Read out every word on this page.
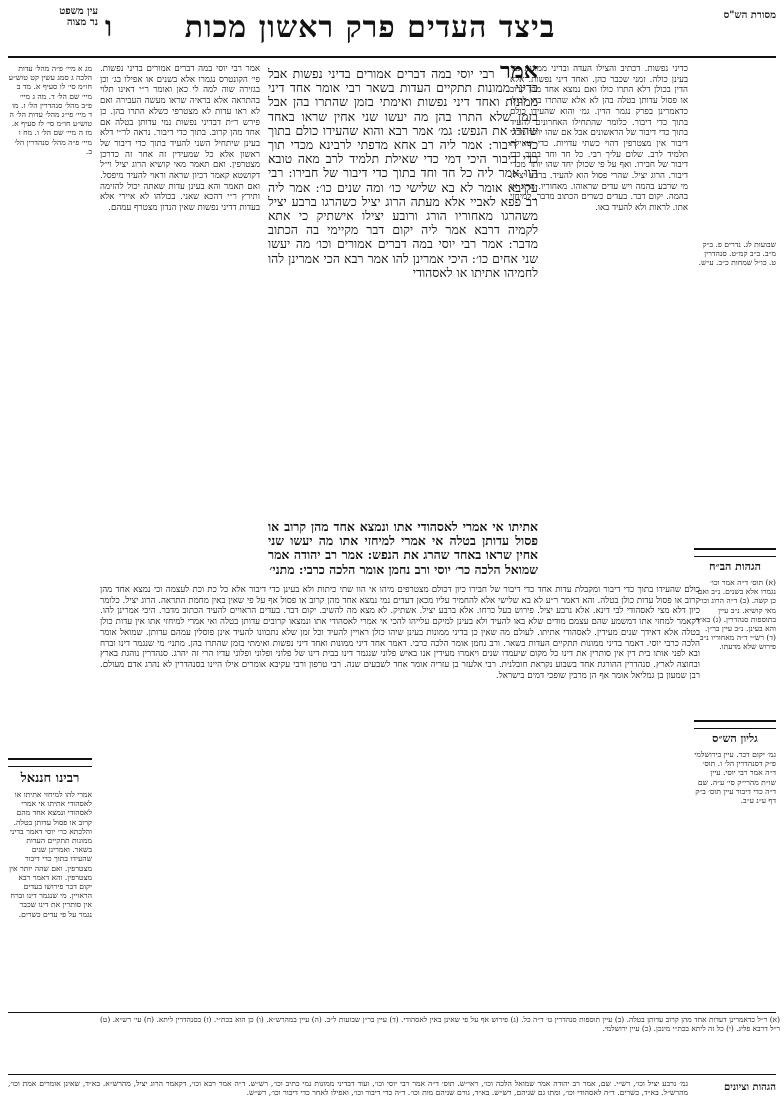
מסורת הש"ס
עין משפט
נר מצוה	ביצד העדים פרק ראשון מכות
ו
שבועות לג. נדרים פ. ב״ק מ״ב. ב״ב קמ״ט. סנהדרין ט. כו״ל שמחות כ״ב. ע״ש.
כדיני נפשות. דכתיב והצילו העדה ובדיני ממונות נמי בעינן כולה. זמני שכבר כהן. ואחד דיני נפשות. אלא הדין בכולן דלא התרו כולו ואם נמצא אחד מהן קרוב או פסול עדותן בטלה בהן לא אלא שהתרו בהן לכולן כדאמרינן בפרק נגמר הדין. גמ׳ והוא שהעידו כולם בתוך כדי דיבור. כלומר שהתחילו האחרונים להעיד בתוך כדי דיבור של הראשונים אבל אם שהו יותר מכדי דיבור אין מצטרפין דהוי כשתי עדויות. כדי שאילת תלמיד לרב. שלום עליך רבי. כל חד וחד בתוך כדי דיבור של חבירו. ואף על פי שכולן יחד שהו יותר מכדי דיבור. הרוג יציל. שהרי פסול הוא להעיד. ברבע יציל. מי שרבע בהמה ויש עדים שראוהו. מאחוריו. הרוג או בהמה. יקום דבר. בעדים כשרים הכתוב מדבר. למיחזי אתו. לראות ולא להעיד באו.
אמר רבי יוסי במה דברים אמורים בדיני נפשות אבל בדיני ממונות תתקיים העדות בשאר רבי אומר אחד דיני ממונות ואחד דיני נפשות ואימתי בזמן שהתרו בהן אבל בזמן שלא התרו בהן מה יעשו שני אחין שראו באחד שהרג את הנפש: גמ׳ אמר רבא והוא שהעידו כולם בתוך כדי דיבור: אמר ליה רב אחא מדפתי לרבינא מכדי תוך כדי דיבור היכי דמי כדי שאילת תלמיד לרב מאה טובא הוו אמר ליה כל חד וחד בתוך כדי דיבור של חבירו: רבי עקיבא אומר לא בא שלישי כו׳ ומה שנים כו׳: אמר ליה רב פפא לאביי אלא מעתה הרוג יציל כשהרגו ברבע יציל משהרגו מאחוריו הורג ורובע יצילו אישתיק כי אתא לקמיה דרבא אמר ליה יקום דבר מקיימי בה הכתוב מדבר: אמר רבי יוסי במה דברים אמורים וכו׳ מה יעשו שני אחים כו׳: היכי אמרינן להו אמר רבא הכי אמרינן להו לחמיהו אתיתו או לאסהודי
אמר רבי יוסי במה דברים אמורים בדיני נפשות. פי׳ הקונטרס נגמרו אלא בשנים או אפילו בג׳ וכן בגזירה שוה למה לי כאן ואומר ר״י דאינו תלוי בהתראה אלא בראיה שראו מעשה העבירה ואם לא ראו עדות לא מצטרפי כשלא התרו בהן. כן פירש ר״ת דבדיני נפשות נמי עדותן בטלה אם אחד מהן קרוב. בתוך כדי דיבור. נראה לר״י דלא בעינן שיתחיל השני להעיד בתוך כדי דיבור של ראשון אלא כל שמעידין זה אחר זה כדרכן מצטרפין. ואם תאמר מאי קושיא הרוג יציל וי״ל דקושטא קאמר דכיון שראה וראוי להעיד מיפסל. ואם תאמר והא בעינן עדות שאתה יכול להזימה ותירץ ר״י דהכא שאני. בכולהו לא איירי אלא בעדות דדיני נפשות שאין הנדון מצטרף עמהם.
מג א מיי׳ פ״ה מהל׳ עדות הלכה ג סמג עשין קט טוש״ע חו״מ סי׳ לו סעיף א. מד ב מיי׳ שם הל׳ ד. מה ג מיי׳ פ״ב מהל׳ סנהדרין הל׳ ז. מו ד מיי׳ פי״ג מהל׳ עדות הל׳ ה טוש״ע חו״מ סי׳ לז סעיף א. מז ה מיי׳ שם הל׳ ו. מח ו מיי׳ פ״ה מהל׳ סנהדרין הל׳ ב.
אתיתו אי אמרי לאסהודי אתו ונמצא אחד מהן קרוב או פסול עדותן בטלה אי אמרי למיחזי אתו מה יעשו שני אחין שראו באחד שהרג את הנפש: אמר רב יהודה אמר שמואל הלכה כר׳ יוסי ורב נחמן אומר הלכה כרבי: מתני׳
כולם שהעידו בתוך כדי דיבור ומקבלת עדות אחד כדי דיבור של חבירו כיון דכולם מצטרפים מיהו אי הוו שתי כיתות ולא בעינן כדי דיבור אלא כל כת וכת לעצמה וכי נמצא אחד מהן קרוב או פסול עדות כולן בטלה. והא דאמר ר״ע לא בא שלישי אלא להחמיר עליו מכאן דעדים נמי נמצא אחד מהן קרוב או פסול אף על פי שאין באין מחמת התראה. הרוג יציל. כלומר כיון דלא מצי לאסהודי לבי דינא. אלא נרבע יציל. פירוש בעל כרחו. אלא ברבע יציל. אשתיק. לא מצא מה להשיב. יקום דבר. בעדים הראויים להעיד הכתוב מדבר. היכי אמרינן להו. דקאמר למחזי אתו דמשמע שהם עצמם מודים שלא באו להעיד ולא בעינן למיקם עלייהו להכי אי אמרי לאסהודי אתו ונמצאו קרובים עדותן בטלה ואי אמרי למיחזי אתו אין עדות כולן בטלה אלא דאידך שנים מעידין. לאסהודי אתיתו. לעולם מה שאין כן בדיני ממונות בעינן שיהו כולן ראויין להעיד וכל זמן שלא נתכוונו להעיד אינן פוסלין עמהם עדותן. שמואל אומר הלכה כרבי יוסי. דאמר בדיני ממונות תתקיים העדות בשאר. ורב נחמן אומר הלכה כרבי. דאמר אחד דיני ממונות ואחד דיני נפשות ואימתי בזמן שהתרו בהן. מתני׳ מי שנגמר דינו וברח ובא לפני אותו בית דין אין סותרין את דינו כל מקום שיעמדו שנים ויאמרו מעידין אנו באיש פלוני שנגמר דינו בבית דינו של פלוני ופלוני ופלוני עדיו הרי זה יהרג. סנהדרין נוהגת בארץ ובחוצה לארץ. סנהדרין ההורגת אחד בשבוע נקראת חובלנית. רבי אלעזר בן עזריה אומר אחד לשבעים שנה. רבי טרפון ורבי עקיבא אומרים אילו היינו בסנהדרין לא נהרג אדם מעולם. רבן שמעון בן גמליאל אומר אף הן מרבין שופכי דמים בישראל.
הגהות הב״ח
(א) תוס׳ ד״ה אמר וכו׳ נגמרו אלא בשנים. נ״ב ואם כן קשה. (ב) ד״ה הרוג וכו׳ מאי קושיא. נ״ב עיין בתוספות סנהדרין. (ג) בא״ד והא בעינן. נ״ב עיין בר״ן. (ד) רש״י ד״ה מאחוריו נ״ב פירוש שלא מדעתו.
גליון הש״ס
גמ׳ יקום דבר. עיין בירושלמי פ״ק דסנהדרין הל׳ ו. תוס׳ ד״ה אמר רבי יוסי. עיין שו״ת מהרי״ק סי׳ ע״ה. שם ד״ה כדי דיבור עיין תוס׳ ב״ק דף ע״ג ע״ב.
רבינו חננאל
אמרי להו למיחזי אתיתו או לאסהודי אתיתו אי אמרי לאסהודי ונמצא אחד מהם קרוב או פסול עדותן בטלה. והלכתא כר׳ יוסי דאמר בדיני ממונות תתקיים העדות בשאר. ואמרינן שנים שהעידו בתוך כדי דיבור מצטרפין. ואם שהה יותר אין מצטרפין. והא דאמר רבא יקום דבר פירושו בעדים הראויין. מי שנגמר דינו וברח אין סותרין את דינו שכבר נגמר על פי עדים כשרים.
(א) ר״ל כדאמרינן דעדות אחד מהן קרוב עדותן בטלה. (ב) עיין תוספות סנהדרין ט׳ ד״ה כל. (ג) פירוש אף על פי שאינן באין לאסהודי. (ד) עיין בר״ן שבועות ל״ב. (ה) עיין במהרש״א. (ו) כן הוא בכת״י. (ז) בסנהדרין ליתא. (ח) עי׳ רש״א. (ט) ר״ל דרבא פליג. (י) כל זה ליתא בכת״י מינכן. (כ) עיין ירושלמי.
הגהות וציונים
גמ׳ נרבע יציל וכו׳, רש״י. שם, אמר רב יהודה אמר שמואל הלכה וכו׳, ראי״ש. תוס׳ ד״ה אמר רבי יוסי וכו׳, ועוד דבדיני ממונות נמי כתיב וכו׳, רש״ש. ד״ה אמר רבא וכו׳, דקאמר הרוג יציל, מהרש״א. בא״ד, שאינן אומרים אמת וכו׳, מהרש״ל. בא״ד, כשרים. ד״ה לאסהודי וכו׳, ומתו גם שניהם, רש״ש. בא״ד, גורם שניהם מות וכו׳. ד״ה כדי דיבור וכו׳, ואפילו לאחר כדי דיבור וכו׳, רש״ש.
